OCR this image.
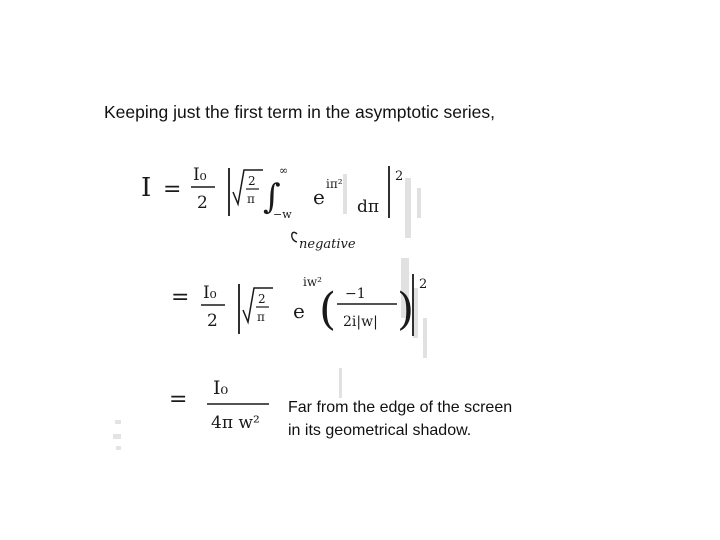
Keeping just the first term in the asymptotic series,
I =
I₀
2
2
π ∫
∞
−w
e
iπ²
dπ
2
negative
= I₀
2
2
π e
iw²
( −1
2i|w| ) 2
= I₀
4π w²
Far from the edge of the screen
in its geometrical shadow.
